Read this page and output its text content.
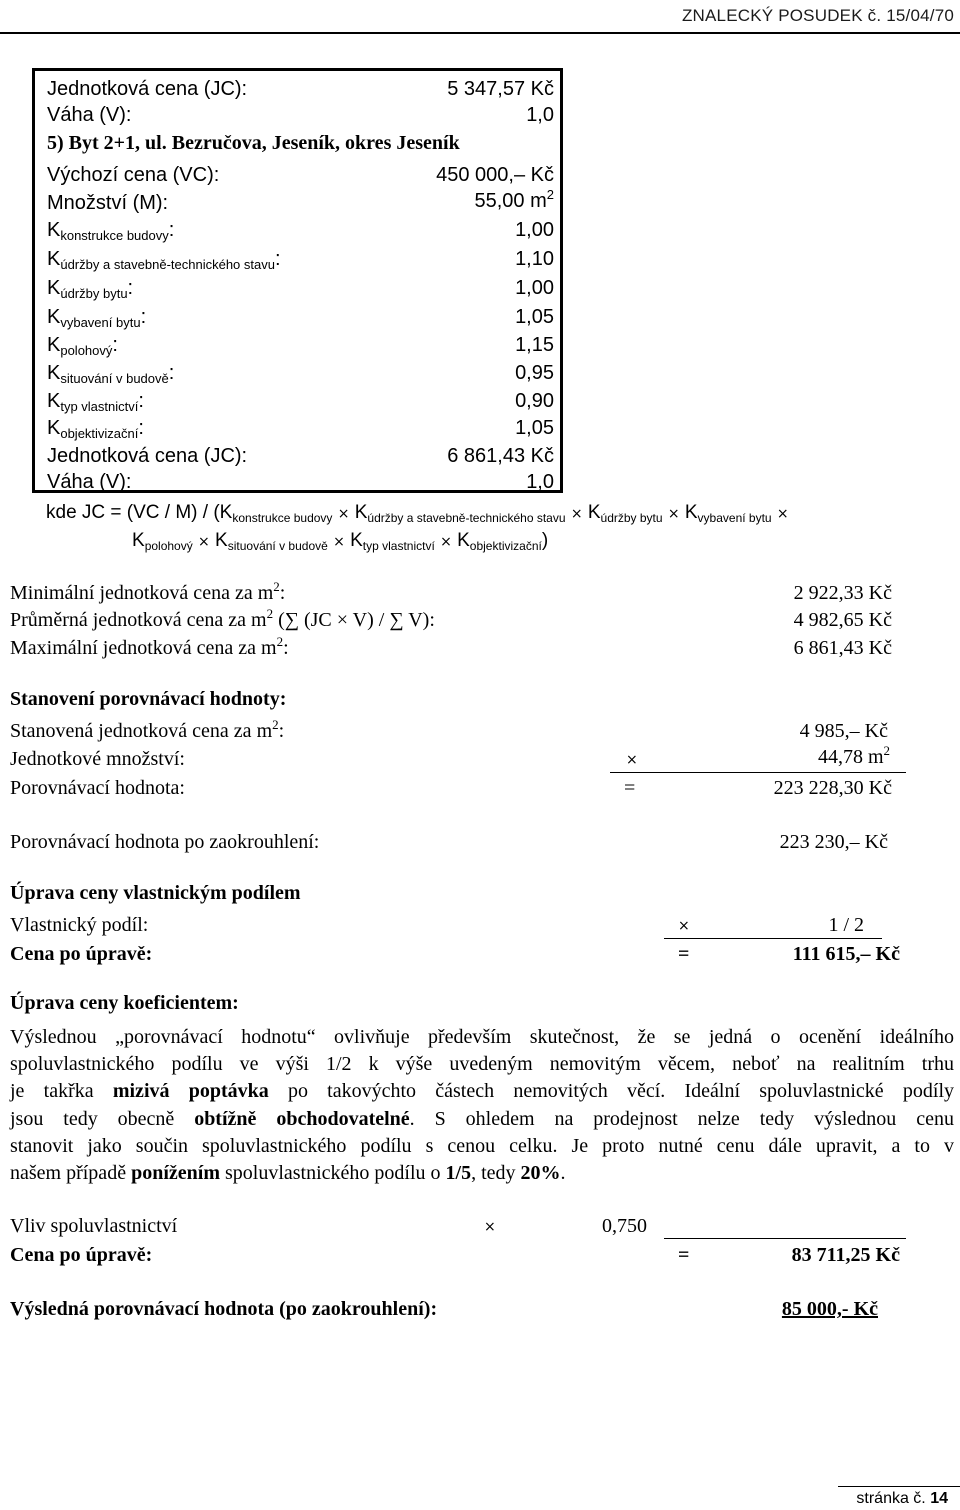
ZNALECKÝ POSUDEK č. 15/04/70
Jednotková cena (JC):	5 347,57 Kč
Váha (V):	1,0
5) Byt 2+1, ul. Bezručova, Jeseník, okres Jeseník
Výchozí cena (VC):	450 000,– Kč
Množství (M):	55,00 $m^2$
$K_{konstrukce budovy}$:	1,00
$K_{údržby a stavebně-technického stavu}$:	1,10
$K_{údržby bytu}$:	1,00
$K_{vybavení bytu}$:	1,05
$K_{polohový}$:	1,15
$K_{situování v budově}$:	0,95
$K_{typ vlastnictví}$:	0,90
$K_{objektivizační}$:	1,05
Jednotková cena (JC):	6 861,43 Kč
Váha (V):	1,0
kde JC = $(VC / M) / (K_{konstrukce budovy} \times K_{údržby a stavebně-technického stavu} \times K_{údržby bytu} \times K_{vybavení bytu}$ ×
$K_{polohový} \times K_{situování v budově} \times K_{typ vlastnictví} \times K_{objektivizační}$)
Minimální jednotková cena za $m^2$:	2 922,33 Kč
Průměrná jednotková cena za $m^2$ (∑ (JC × V) / ∑ V):	4 982,65 Kč
Maximální jednotková cena za $m^2$:	6 861,43 Kč
Stanovení porovnávací hodnoty:
Stanovená jednotková cena za $m^2$:	4 985,– Kč
Jednotkové množství:	×	44,78 $m^2$
Porovnávací hodnota:	=	223 228,30 Kč
Porovnávací hodnota po zaokrouhlení:	223 230,– Kč
Úprava ceny vlastnickým podílem
Vlastnický podíl:	×	1 / 2
Cena po úpravě:	=	111 615,– Kč
Úprava ceny koeficientem:
Výslednou „porovnávací hodnotu“ ovlivňuje především skutečnost, že se jedná o ocenění ideálního
spoluvlastnického podílu ve výši 1/2 k výše uvedeným nemovitým věcem, neboť na realitním trhu
je takřka mizivá poptávka po takovýchto částech nemovitých věcí. Ideální spoluvlastnické podíly
jsou tedy obecně obtížně obchodovatelné. S ohledem na prodejnost nelze tedy výslednou cenu
stanovit jako součin spoluvlastnického podílu s cenou celku. Je proto nutné cenu dále upravit, a to v
našem případě ponížením spoluvlastnického podílu o 1/5, tedy 20%.
Vliv spoluvlastnictví	×	0,750
Cena po úpravě:	=	83 711,25 Kč
Výsledná porovnávací hodnota (po zaokrouhlení):	85 000,- Kč
stránka č. 14
